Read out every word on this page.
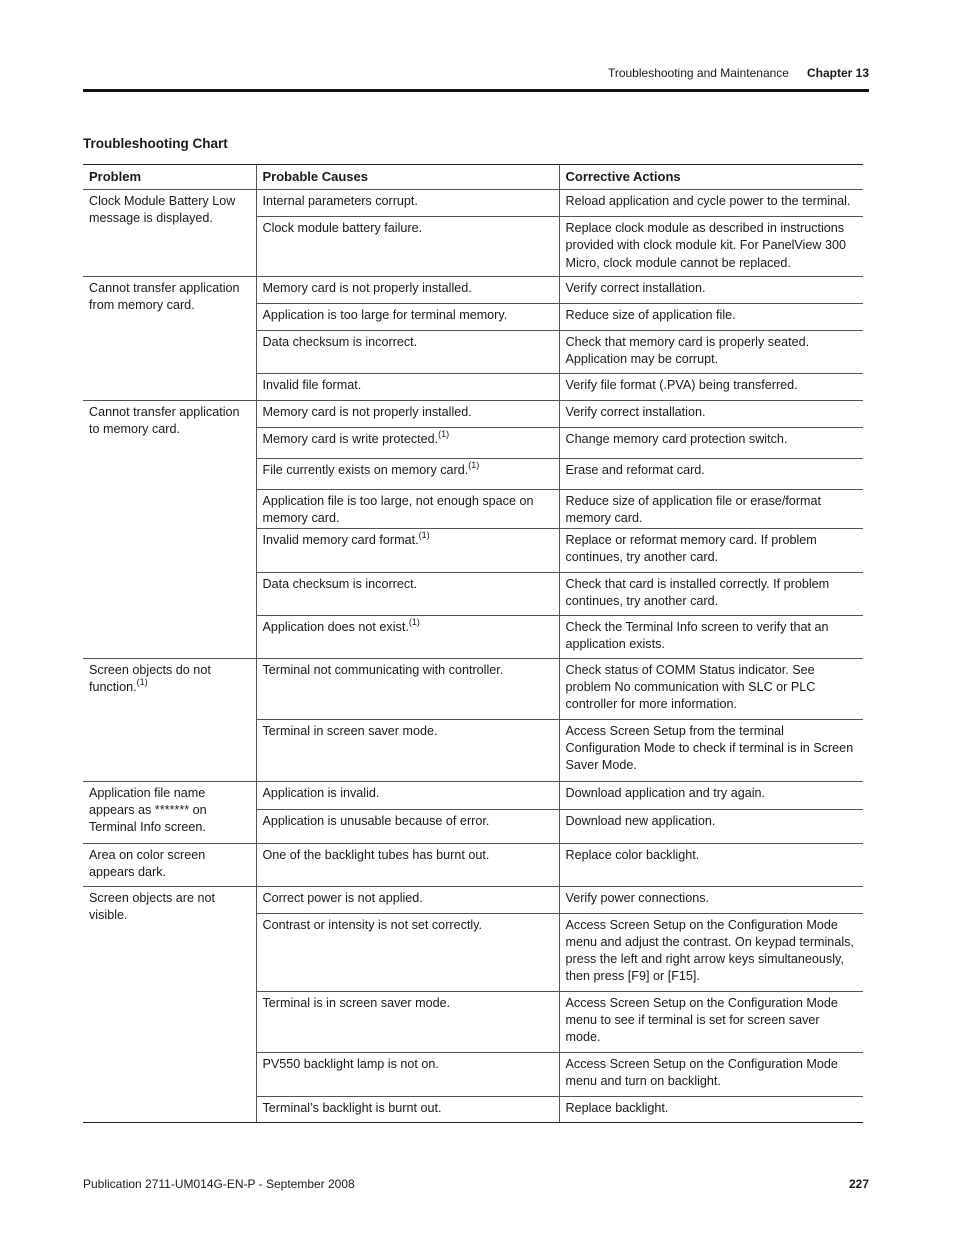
Troubleshooting and Maintenance Chapter 13
Troubleshooting Chart
Problem	Probable Causes	Corrective Actions
Clock Module Battery Low message is displayed.	Internal parameters corrupt.	Reload application and cycle power to the terminal.
	Clock module battery failure.	Replace clock module as described in instructions provided with clock module kit. For PanelView 300 Micro, clock module cannot be replaced.
Cannot transfer application from memory card.	Memory card is not properly installed.	Verify correct installation.
	Application is too large for terminal memory.	Reduce size of application file.
	Data checksum is incorrect.	Check that memory card is properly seated. Application may be corrupt.
	Invalid file format.	Verify file format (.PVA) being transferred.
Cannot transfer application to memory card.	Memory card is not properly installed.	Verify correct installation.
	Memory card is write protected.$^{(1)}$	Change memory card protection switch.
	File currently exists on memory card.$^{(1)}$	Erase and reformat card.
	Application file is too large, not enough space on memory card.	Reduce size of application file or erase/format memory card.
	Invalid memory card format.$^{(1)}$	Replace or reformat memory card. If problem continues, try another card.
	Data checksum is incorrect.	Check that card is installed correctly. If problem continues, try another card.
	Application does not exist.$^{(1)}$	Check the Terminal Info screen to verify that an application exists.
Screen objects do not function.$^{(1)}$	Terminal not communicating with controller.	Check status of COMM Status indicator. See problem No communication with SLC or PLC controller for more information.
	Terminal in screen saver mode.	Access Screen Setup from the terminal Configuration Mode to check if terminal is in Screen Saver Mode.
Application file name appears as ******* on Terminal Info screen.	Application is invalid.	Download application and try again.
	Application is unusable because of error.	Download new application.
Area on color screen appears dark.	One of the backlight tubes has burnt out.	Replace color backlight.
Screen objects are not visible.	Correct power is not applied.	Verify power connections.
	Contrast or intensity is not set correctly.	Access Screen Setup on the Configuration Mode menu and adjust the contrast. On keypad terminals, press the left and right arrow keys simultaneously, then press [F9] or [F15].
	Terminal is in screen saver mode.	Access Screen Setup on the Configuration Mode menu to see if terminal is set for screen saver mode.
	PV550 backlight lamp is not on.	Access Screen Setup on the Configuration Mode menu and turn on backlight.
	Terminal’s backlight is burnt out.	Replace backlight.
Publication 2711-UM014G-EN-P - September 2008	227
